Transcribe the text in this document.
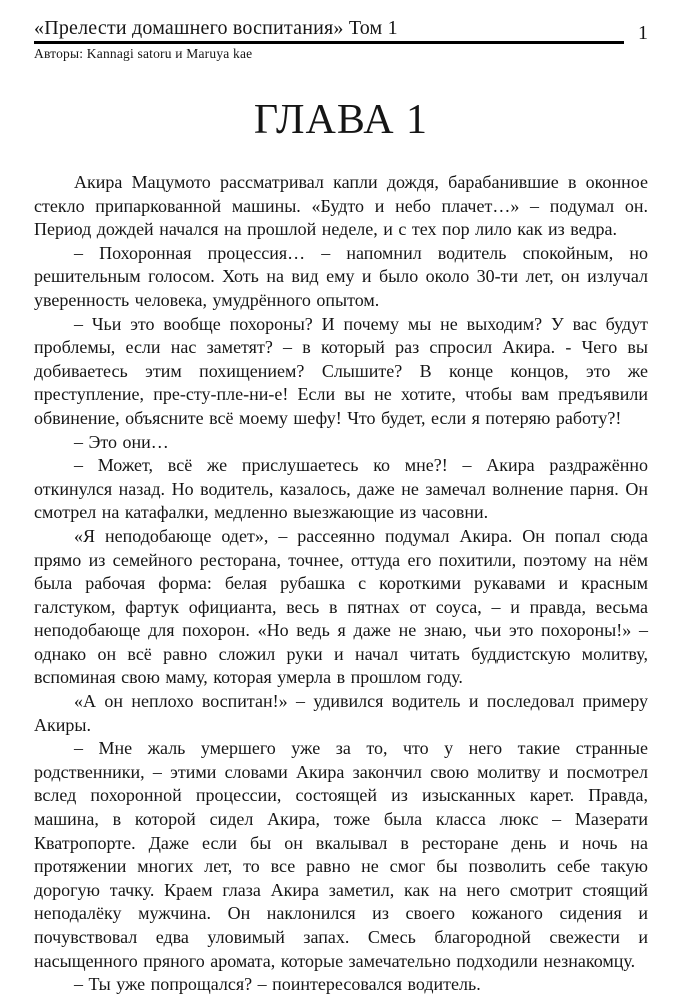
«Прелести домашнего воспитания» Том 1	1
Авторы: Kannagi satoru и Maruya kae
ГЛАВА 1

Акира Мацумото рассматривал капли дождя, барабанившие в оконное стекло припаркованной машины. «Будто и небо плачет…» – подумал он. Период дождей начался на прошлой неделе, и с тех пор лило как из ведра.

– Похоронная процессия… – напомнил водитель спокойным, но решительным голосом. Хоть на вид ему и было около 30-ти лет, он излучал уверенность человека, умудрённого опытом.

– Чьи это вообще похороны? И почему мы не выходим? У вас будут проблемы, если нас заметят? – в который раз спросил Акира. - Чего вы добиваетесь этим похищением? Слышите? В конце концов, это же преступление, пре-сту-пле-ни-е! Если вы не хотите, чтобы вам предъявили обвинение, объясните всё моему шефу! Что будет, если я потеряю работу?!

– Это они…

– Может, всё же прислушаетесь ко мне?! – Акира раздражённо откинулся назад. Но водитель, казалось, даже не замечал волнение парня. Он смотрел на катафалки, медленно выезжающие из часовни.

«Я неподобающе одет», – рассеянно подумал Акира. Он попал сюда прямо из семейного ресторана, точнее, оттуда его похитили, поэтому на нём была рабочая форма: белая рубашка с короткими рукавами и красным галстуком, фартук официанта, весь в пятнах от соуса, – и правда, весьма неподобающе для похорон. «Но ведь я даже не знаю, чьи это похороны!» – однако он всё равно сложил руки и начал читать буддистскую молитву, вспоминая свою маму, которая умерла в прошлом году.

«А он неплохо воспитан!» – удивился водитель и последовал примеру Акиры.

– Мне жаль умершего уже за то, что у него такие странные родственники, – этими словами Акира закончил свою молитву и посмотрел вслед похоронной процессии, состоящей из изысканных карет. Правда, машина, в которой сидел Акира, тоже была класса люкс – Мазерати Кватропорте. Даже если бы он вкалывал в ресторане день и ночь на протяжении многих лет, то все равно не смог бы позволить себе такую дорогую тачку. Краем глаза Акира заметил, как на него смотрит стоящий неподалёку мужчина. Он наклонился из своего кожаного сидения и почувствовал едва уловимый запах. Смесь благородной свежести и насыщенного пряного аромата, которые замечательно подходили незнакомцу.

– Ты уже попрощался? – поинтересовался водитель.
